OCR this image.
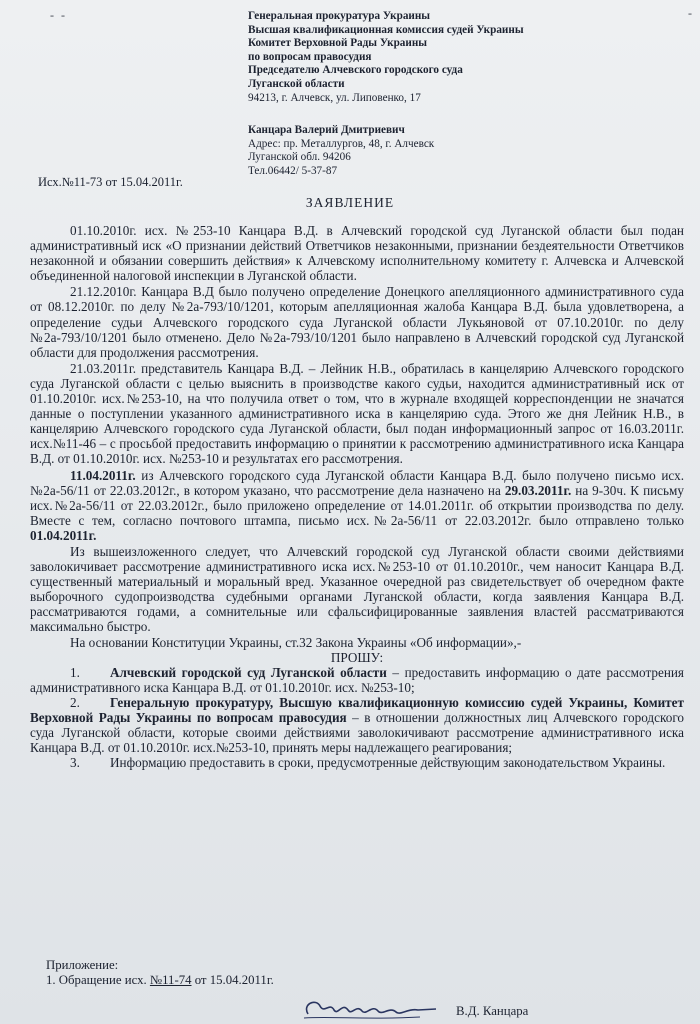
- -	-
Генеральная прокуратура Украины
Высшая квалификационная комиссия судей Украины
Комитет Верховной Рады Украины
по вопросам правосудия
Председателю Алчевского городского суда
Луганской области
94213, г. Алчевск, ул. Липовенко, 17
Канцара Валерий Дмитриевич
Адрес: пр. Металлургов, 48, г. Алчевск
Луганской обл. 94206
Тел.06442/ 5-37-87
Исх.№11-73 от 15.04.2011г.
ЗАЯВЛЕНИЕ

01.10.2010г. исх. №253-10 Канцара В.Д. в Алчевский городской суд Луганской области был подан административный иск «О признании действий Ответчиков незаконными, признании бездеятельности Ответчиков незаконной и обязании совершить действия» к Алчевскому исполнительному комитету г. Алчевска и Алчевской объединенной налоговой инспекции в Луганской области.

21.12.2010г. Канцара В.Д было получено определение Донецкого апелляционного административного суда от 08.12.2010г. по делу №2а-793/10/1201, которым апелляционная жалоба Канцара В.Д. была удовлетворена, а определение судьи Алчевского городского суда Луганской области Лукьяновой от 07.10.2010г. по делу №2а-793/10/1201 было отменено. Дело №2а-793/10/1201 было направлено в Алчевский городской суд Луганской области для продолжения рассмотрения.

21.03.2011г. представитель Канцара В.Д. – Лейник Н.В., обратилась в канцелярию Алчевского городского суда Луганской области с целью выяснить в производстве какого судьи, находится административный иск от 01.10.2010г. исх.№253-10, на что получила ответ о том, что в журнале входящей корреспонденции не значатся данные о поступлении указанного административного иска в канцелярию суда. Этого же дня Лейник Н.В., в канцелярию Алчевского городского суда Луганской области, был подан информационный запрос от 16.03.2011г. исх.№11-46 – с просьбой предоставить информацию о принятии к рассмотрению административного иска Канцара В.Д. от 01.10.2010г. исх. №253-10 и результатах его рассмотрения.

11.04.2011г. из Алчевского городского суда Луганской области Канцара В.Д. было получено письмо исх.№2а-56/11 от 22.03.2012г., в котором указано, что рассмотрение дела назначено на 29.03.2011г. на 9-30ч. К письму исх.№2а-56/11 от 22.03.2012г., было приложено определение от 14.01.2011г. об открытии производства по делу. Вместе с тем, согласно почтового штампа, письмо исх.№2а-56/11 от 22.03.2012г. было отправлено только 01.04.2011г.

Из вышеизложенного следует, что Алчевский городской суд Луганской области своими действиями заволокичивает рассмотрение административного иска исх.№253-10 от 01.10.2010г., чем наносит Канцара В.Д. существенный материальный и моральный вред. Указанное очередной раз свидетельствует об очередном факте выборочного судопроизводства судебными органами Луганской области, когда заявления Канцара В.Д. рассматриваются годами, а сомнительные или сфальсифицированные заявления властей рассматриваются максимально быстро.

На основании Конституции Украины, ст.32 Закона Украины «Об информации»,-

ПРОШУ:

1. Алчевский городской суд Луганской области – предоставить информацию о дате рассмотрения административного иска Канцара В.Д. от 01.10.2010г. исх. №253-10;

2. Генеральную прокуратуру, Высшую квалификационную комиссию судей Украины, Комитет Верховной Рады Украины по вопросам правосудия – в отношении должностных лиц Алчевского городского суда Луганской области, которые своими действиями заволокичивают рассмотрение административного иска Канцара В.Д. от 01.10.2010г. исх.№253-10, принять меры надлежащего реагирования;

3. Информацию предоставить в сроки, предусмотренные действующим законодательством Украины.

Приложение:
1. Обращение исх. №11-74 от 15.04.2011г.
В.Д. Канцара
